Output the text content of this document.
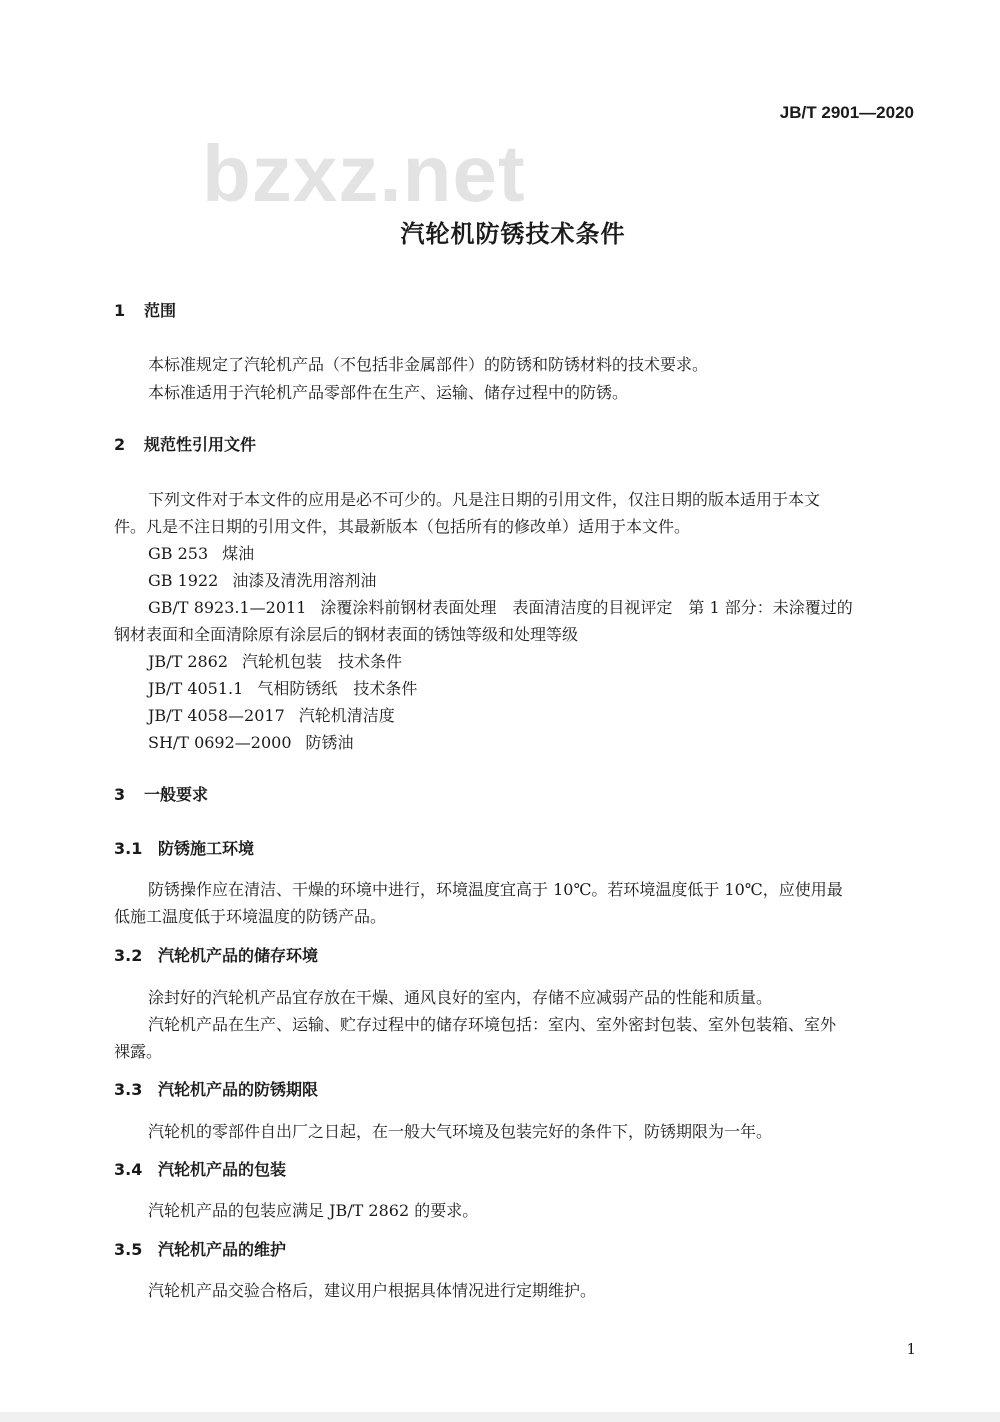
JB/T 2901—2020
bzxz.net
汽轮机防锈技术条件
1 范围
本标准规定了汽轮机产品（不包括非金属部件）的防锈和防锈材料的技术要求。
本标准适用于汽轮机产品零部件在生产、运输、储存过程中的防锈。
2 规范性引用文件
下列文件对于本文件的应用是必不可少的。凡是注日期的引用文件，仅注日期的版本适用于本文
件。凡是不注日期的引用文件，其最新版本（包括所有的修改单）适用于本文件。
GB 253 煤油
GB 1922 油漆及清洗用溶剂油
GB/T 8923.1—2011 涂覆涂料前钢材表面处理　表面清洁度的目视评定　第 1 部分：未涂覆过的
钢材表面和全面清除原有涂层后的钢材表面的锈蚀等级和处理等级
JB/T 2862 汽轮机包装　技术条件
JB/T 4051.1 气相防锈纸　技术条件
JB/T 4058—2017 汽轮机清洁度
SH/T 0692—2000 防锈油
3 一般要求
3.1 防锈施工环境
防锈操作应在清洁、干燥的环境中进行，环境温度宜高于 10℃。若环境温度低于 10℃，应使用最
低施工温度低于环境温度的防锈产品。
3.2 汽轮机产品的储存环境
涂封好的汽轮机产品宜存放在干燥、通风良好的室内，存储不应减弱产品的性能和质量。
汽轮机产品在生产、运输、贮存过程中的储存环境包括：室内、室外密封包装、室外包装箱、室外
裸露。
3.3 汽轮机产品的防锈期限
汽轮机的零部件自出厂之日起，在一般大气环境及包装完好的条件下，防锈期限为一年。
3.4 汽轮机产品的包装
汽轮机产品的包装应满足 JB/T 2862 的要求。
3.5 汽轮机产品的维护
汽轮机产品交验合格后，建议用户根据具体情况进行定期维护。
1
